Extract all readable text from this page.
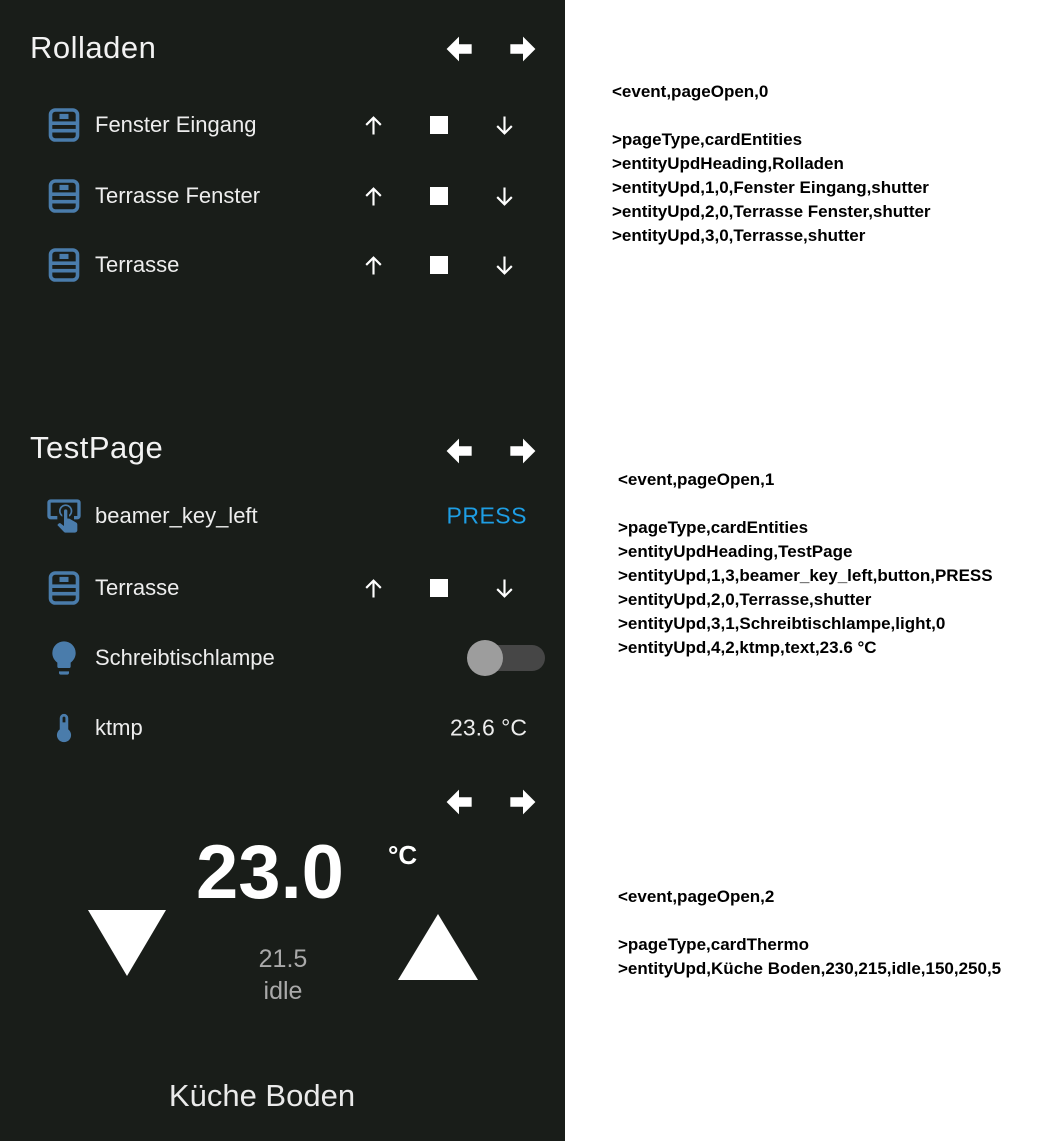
Rolladen
Fenster Eingang
Terrasse Fenster
Terrasse
TestPage
beamer_key_left	PRESS
Terrasse
Schreibtischlampe
ktmp	23.6 °C
23.0	°C
21.5
idle
Küche Boden
<event,pageOpen,0
>pageType,cardEntities
>entityUpdHeading,Rolladen
>entityUpd,1,0,Fenster Eingang,shutter
>entityUpd,2,0,Terrasse Fenster,shutter
>entityUpd,3,0,Terrasse,shutter
<event,pageOpen,1
>pageType,cardEntities
>entityUpdHeading,TestPage
>entityUpd,1,3,beamer_key_left,button,PRESS
>entityUpd,2,0,Terrasse,shutter
>entityUpd,3,1,Schreibtischlampe,light,0
>entityUpd,4,2,ktmp,text,23.6 °C
<event,pageOpen,2
>pageType,cardThermo
>entityUpd,Küche Boden,230,215,idle,150,250,5
